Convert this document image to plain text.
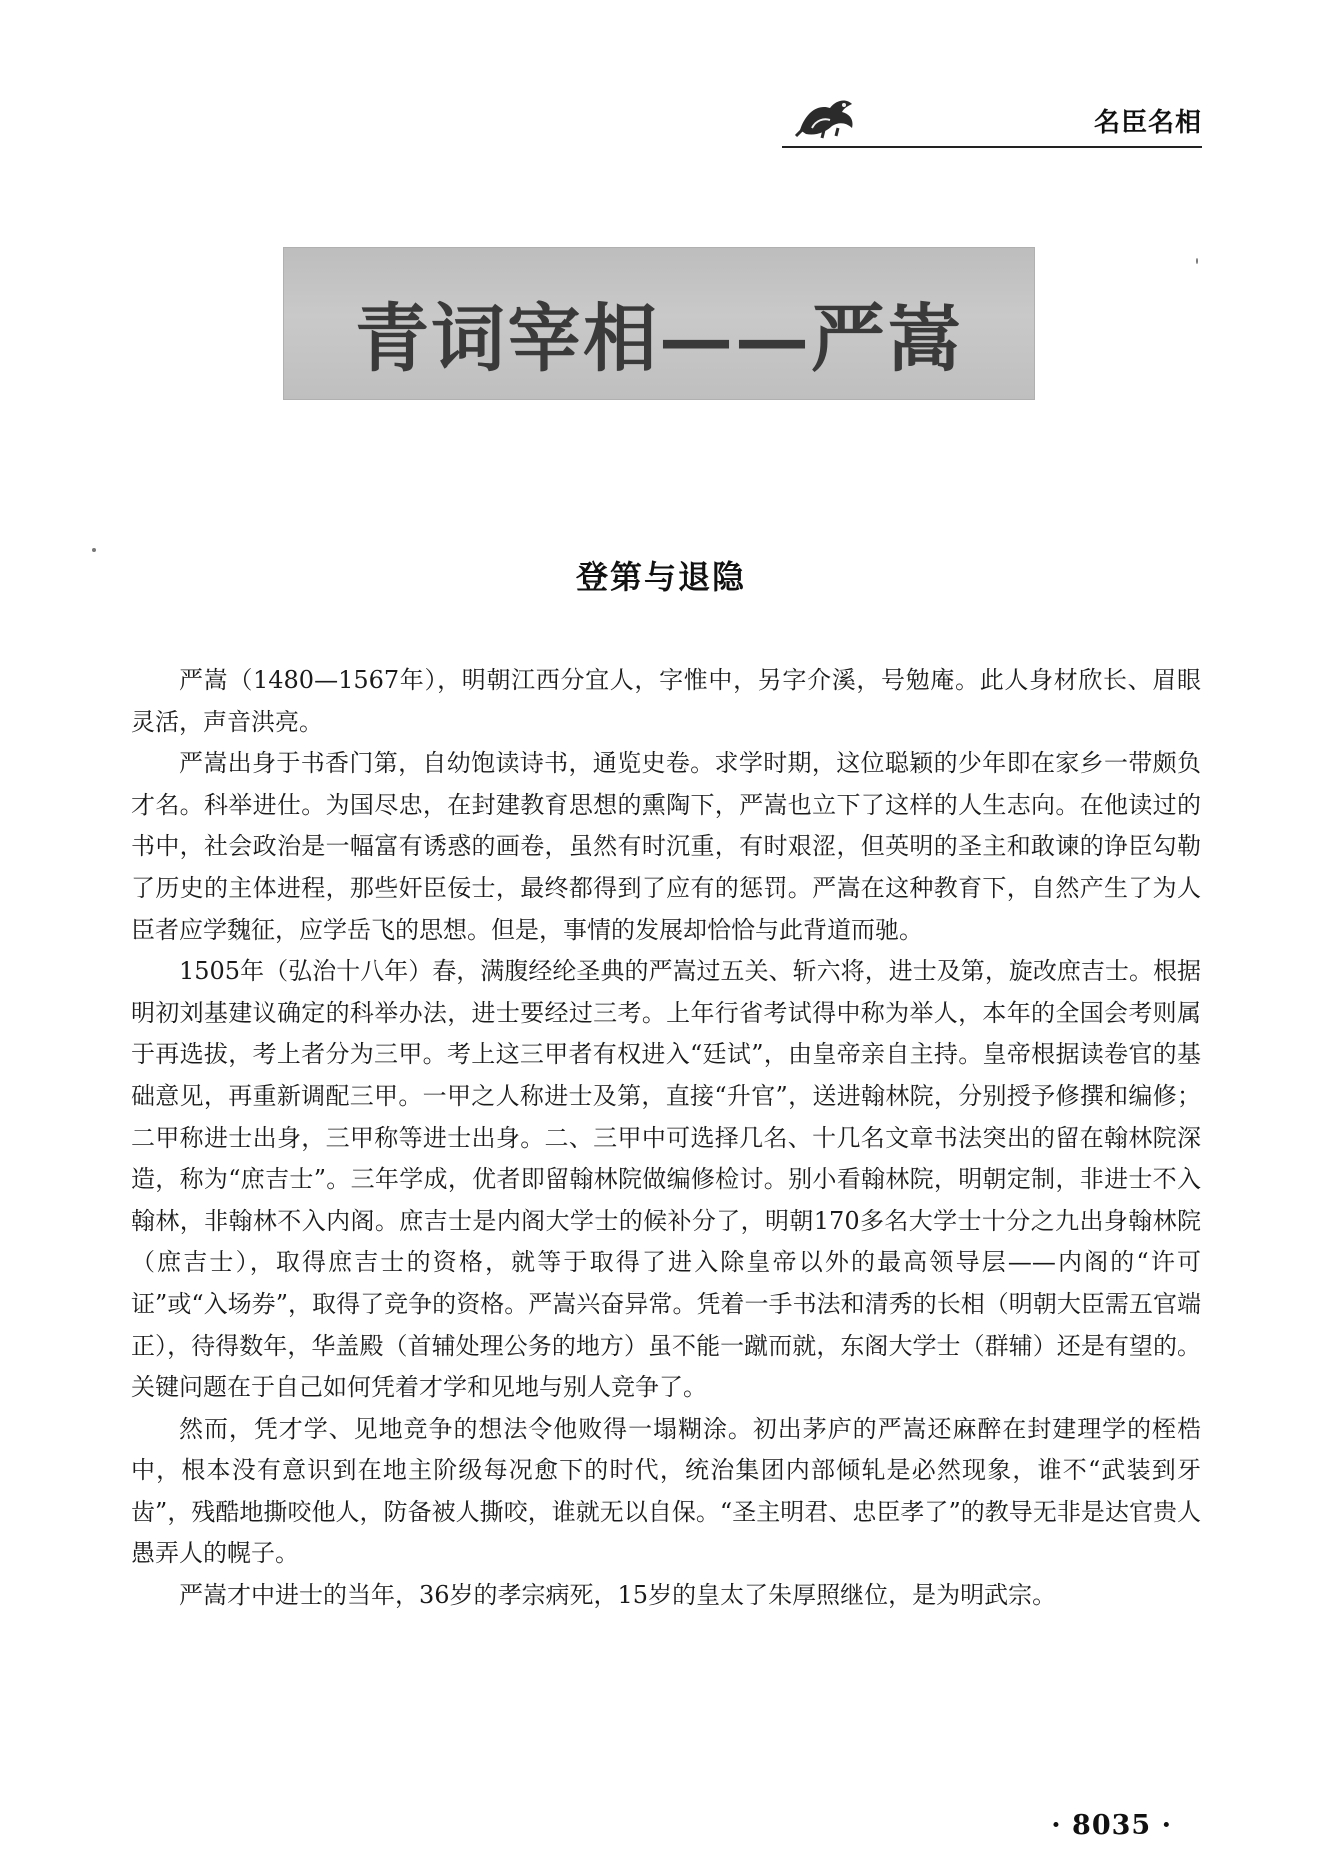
名臣名相
青词宰相——严嵩
登第与退隐

严嵩（1480—1567年），明朝江西分宜人，字惟中，另字介溪，号勉庵。此人身材欣长、眉眼灵活，声音洪亮。

严嵩出身于书香门第，自幼饱读诗书，通览史卷。求学时期，这位聪颖的少年即在家乡一带颇负才名。科举进仕。为国尽忠，在封建教育思想的熏陶下，严嵩也立下了这样的人生志向。在他读过的书中，社会政治是一幅富有诱惑的画卷，虽然有时沉重，有时艰涩，但英明的圣主和敢谏的诤臣勾勒了历史的主体进程，那些奸臣佞士，最终都得到了应有的惩罚。严嵩在这种教育下，自然产生了为人臣者应学魏征，应学岳飞的思想。但是，事情的发展却恰恰与此背道而驰。

1505年（弘治十八年）春，满腹经纶圣典的严嵩过五关、斩六将，进士及第，旋改庶吉士。根据明初刘基建议确定的科举办法，进士要经过三考。上年行省考试得中称为举人，本年的全国会考则属于再选拔，考上者分为三甲。考上这三甲者有权进入“廷试”，由皇帝亲自主持。皇帝根据读卷官的基础意见，再重新调配三甲。一甲之人称进士及第，直接“升官”，送进翰林院，分别授予修撰和编修；二甲称进士出身，三甲称等进士出身。二、三甲中可选择几名、十几名文章书法突出的留在翰林院深造，称为“庶吉士”。三年学成，优者即留翰林院做编修检讨。别小看翰林院，明朝定制，非进士不入翰林，非翰林不入内阁。庶吉士是内阁大学士的候补分了，明朝170多名大学士十分之九出身翰林院（庶吉士），取得庶吉士的资格，就等于取得了进入除皇帝以外的最高领导层——内阁的“许可证”或“入场券”，取得了竞争的资格。严嵩兴奋异常。凭着一手书法和清秀的长相（明朝大臣需五官端正），待得数年，华盖殿（首辅处理公务的地方）虽不能一蹴而就，东阁大学士（群辅）还是有望的。关键问题在于自己如何凭着才学和见地与别人竞争了。

然而，凭才学、见地竞争的想法令他败得一塌糊涂。初出茅庐的严嵩还麻醉在封建理学的桎梏中，根本没有意识到在地主阶级每况愈下的时代，统治集团内部倾轧是必然现象，谁不“武装到牙齿”，残酷地撕咬他人，防备被人撕咬，谁就无以自保。“圣主明君、忠臣孝了”的教导无非是达官贵人愚弄人的幌子。

严嵩才中进士的当年，36岁的孝宗病死，15岁的皇太了朱厚照继位，是为明武宗。

· 8035 ·
